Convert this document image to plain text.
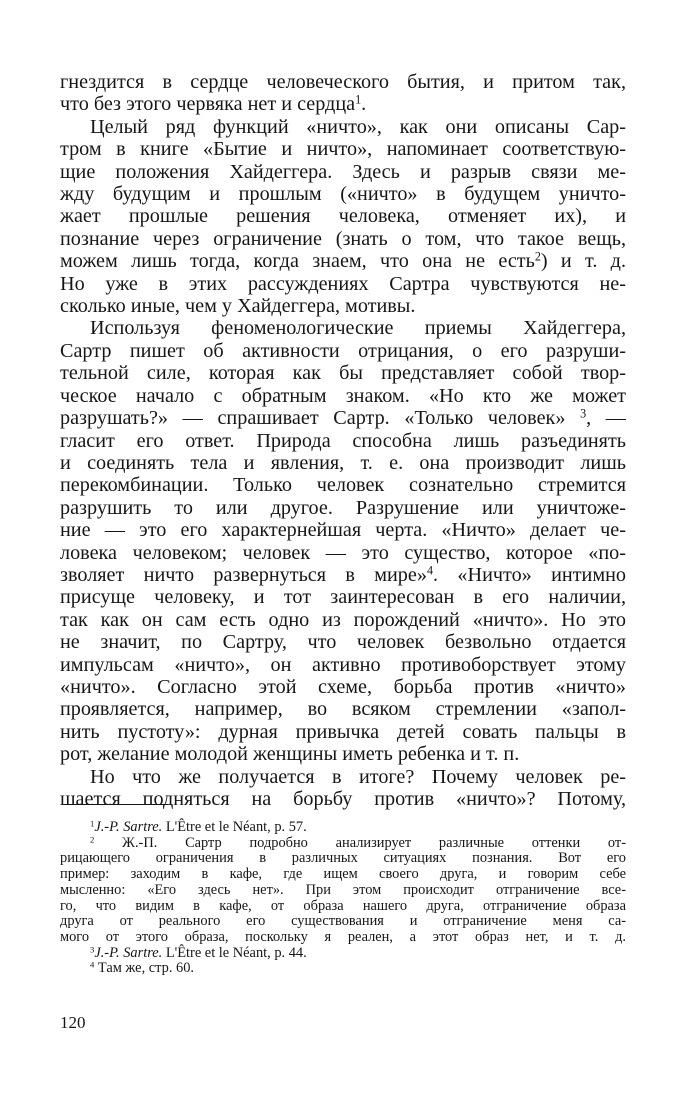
гнездится в сердце человеческого бытия, и притом так,
что без этого червяка нет и сердца$^1$.
Целый ряд функций «ничто», как они описаны Сар-
тром в книге «Бытие и ничто», напоминает соответствую-
щие положения Хайдеггера. Здесь и разрыв связи ме-
жду будущим и прошлым («ничто» в будущем уничто-
жает прошлые решения человека, отменяет их), и
познание через ограничение (знать о том, что такое вещь,
можем лишь тогда, когда знаем, что она не есть$^2$) и т. д.
Но уже в этих рассуждениях Сартра чувствуются не-
сколько иные, чем у Хайдеггера, мотивы.
Используя феноменологические приемы Хайдеггера,
Сартр пишет об активности отрицания, о его разруши-
тельной силе, которая как бы представляет собой твор-
ческое начало с обратным знаком. «Но кто же может
разрушать?» — спрашивает Сартр. «Только человек» $^3$, —
гласит его ответ. Природа способна лишь разъединять
и соединять тела и явления, т. е. она производит лишь
перекомбинации. Только человек сознательно стремится
разрушить то или другое. Разрушение или уничтоже-
ние — это его характернейшая черта. «Ничто» делает че-
ловека человеком; человек — это существо, которое «по-
зволяет ничто развернуться в мире»$^4$. «Ничто» интимно
присуще человеку, и тот заинтересован в его наличии,
так как он сам есть одно из порождений «ничто». Но это
не значит, по Сартру, что человек безвольно отдается
импульсам «ничто», он активно противоборствует этому
«ничто». Согласно этой схеме, борьба против «ничто»
проявляется, например, во всяком стремлении «запол-
нить пустоту»: дурная привычка детей совать пальцы в
рот, желание молодой женщины иметь ребенка и т. п.
Но что же получается в итоге? Почему человек ре-
шается подняться на борьбу против «ничто»? Потому,
$^1$J.-P. Sartre. L'Être et le Néant, p. 57.
$^2$ Ж.-П. Сартр подробно анализирует различные оттенки от-
рицающего ограничения в различных ситуациях познания. Вот его
пример: заходим в кафе, где ищем своего друга, и говорим себе
мысленно: «Его здесь нет». При этом происходит отграничение все-
го, что видим в кафе, от образа нашего друга, отграничение образа
друга от реального его существования и отграничение меня са-
мого от этого образа, поскольку я реален, а этот образ нет, и т. д.
$^3$J.-P. Sartre. L'Être et le Néant, p. 44.
$^4$ Там же, стр. 60.
120
